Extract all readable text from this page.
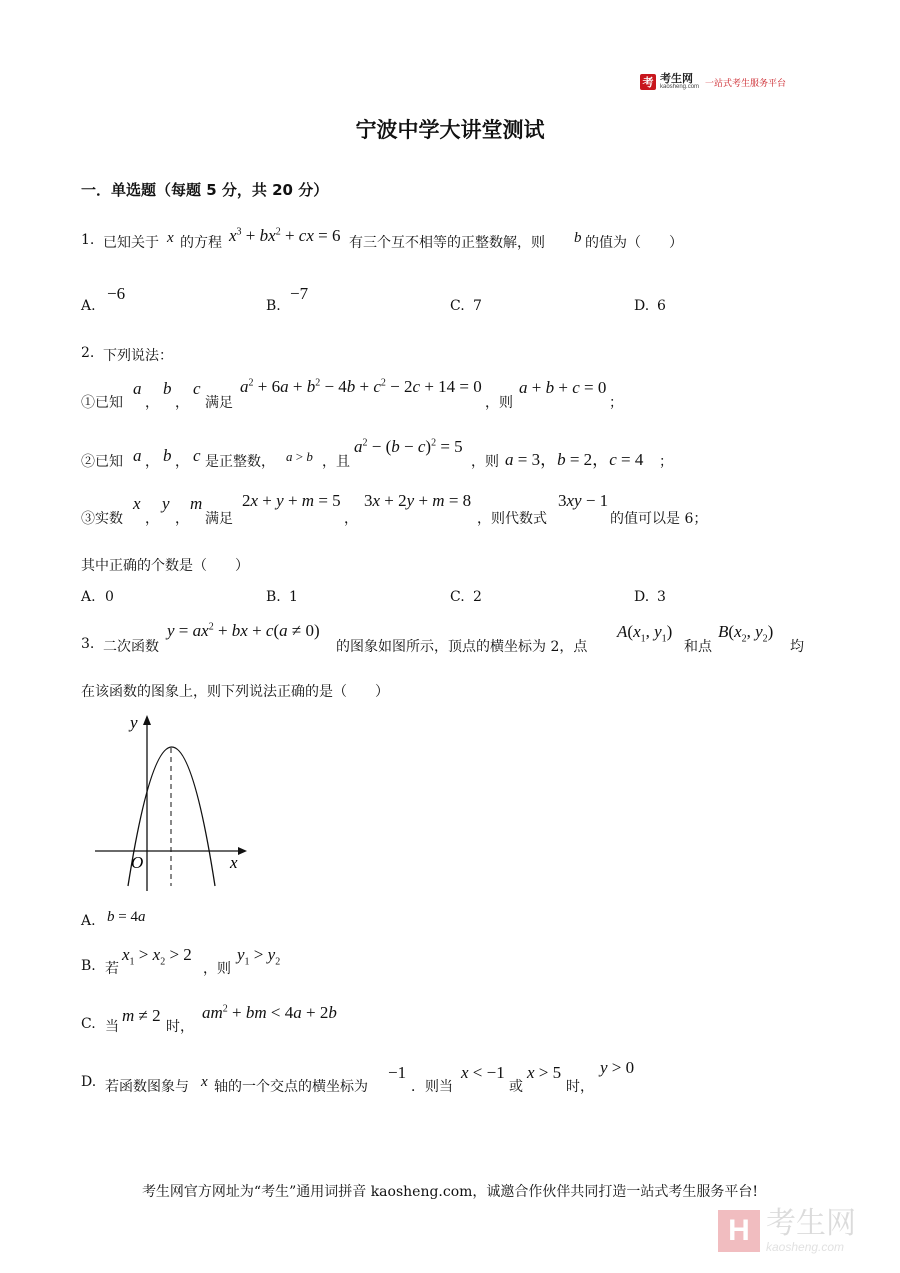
考 考生网
kaosheng.com 一站式考生服务平台
宁波中学大讲堂测试
一．单选题（每题 5 分，共 20 分）
1. 已知关于 x 的方程 $x^3 + bx^2$ + cx = 6 有三个互不相等的正整数解，则 b 的值为（　　）
A.
−6
B.
−7
C. 7	D. 6
2. 下列说法：
①已知
a
，
b
，
c
满足
$a^2 + 6a + b^2 - 4b + c^2 - 2c + 14 = 0$
，则
a + b + c = 0
；
②已知 a ， b ， c 是正整数， a > b ，且
$a^2 - (b - c)^2 = 5$
，则 a = 3，b = 2，c = 4 ；
③实数
x
，
y
，
m
满足
2x + y + m = 5
，
3x + 2y + m = 8
，则代数式
3xy − 1
的值可以是 6；
其中正确的个数是（　　）
A. 0	B. 1	C. 2	D. 3
3. 二次函数
$y = ax^2$ + bx + c(a ≠ 0)
的图象如图所示，顶点的横坐标为 2，点
$A(x_1$, $y_1$)
和点
$B(x_2$, $y_2$)
均
在该函数的图象上，则下列说法正确的是（　　）
y
x
O
A. b = 4a
B. 若
$x_1 > x_2 > 2$
，则
$y_1 > y_2$
C. 当
m ≠ 2
时，
$am^2$ + bm < 4a + 2b
D. 若函数图象与 x 轴的一个交点的横坐标为
−1
．则当
x < −1
或
x > 5
时，
y > 0
考生网官方网址为“考生”通用词拼音 kaosheng.com，诚邀合作伙伴共同打造一站式考生服务平台!
H 考生网
kaosheng.com
